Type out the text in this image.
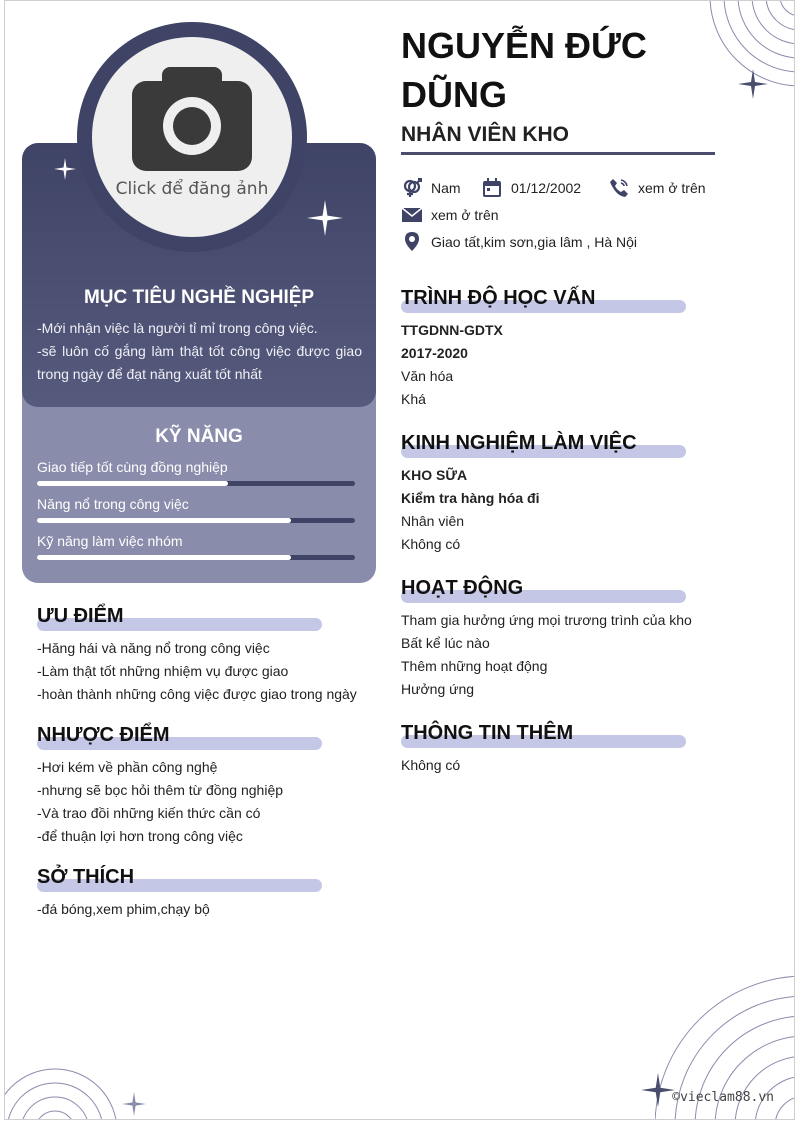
Click để đăng ảnh
MỤC TIÊU NGHỀ NGHIỆP
-Mới nhận việc là người tỉ mỉ trong công việc.
-sẽ luôn cố gắng làm thật tốt công việc được giao trong ngày để đạt năng xuất tốt nhất
KỸ NĂNG
Giao tiếp tốt cùng đồng nghiệp
Năng nổ trong công việc
Kỹ năng làm việc nhóm
ƯU ĐIỂM
-Hăng hái và năng nổ trong công việc
-Làm thật tốt những nhiệm vụ được giao
-hoàn thành những công việc được giao trong ngày
NHƯỢC ĐIỂM
-Hơi kém về phần công nghệ
-nhưng sẽ bọc hỏi thêm từ đồng nghiệp
-Và trao đồi những kiến thức cần có
-để thuận lợi hơn trong công việc
SỞ THÍCH
-đá bóng,xem phim,chạy bộ
NGUYỄN ĐỨC
DŨNG
NHÂN VIÊN KHO
Nam	01/12/2002	xem ở trên
xem ở trên
Giao tất,kim sơn,gia lâm , Hà Nội
TRÌNH ĐỘ HỌC VẤN
TTGDNN-GDTX
2017-2020
Văn hóa
Khá
KINH NGHIỆM LÀM VIỆC
KHO SỮA
Kiểm tra hàng hóa đi
Nhân viên
Không có
HOẠT ĐỘNG
Tham gia hưởng ứng mọi trương trình của kho
Bất kể lúc nào
Thêm những hoạt động
Hưởng ứng
THÔNG TIN THÊM
Không có
©vieclam88.vn
